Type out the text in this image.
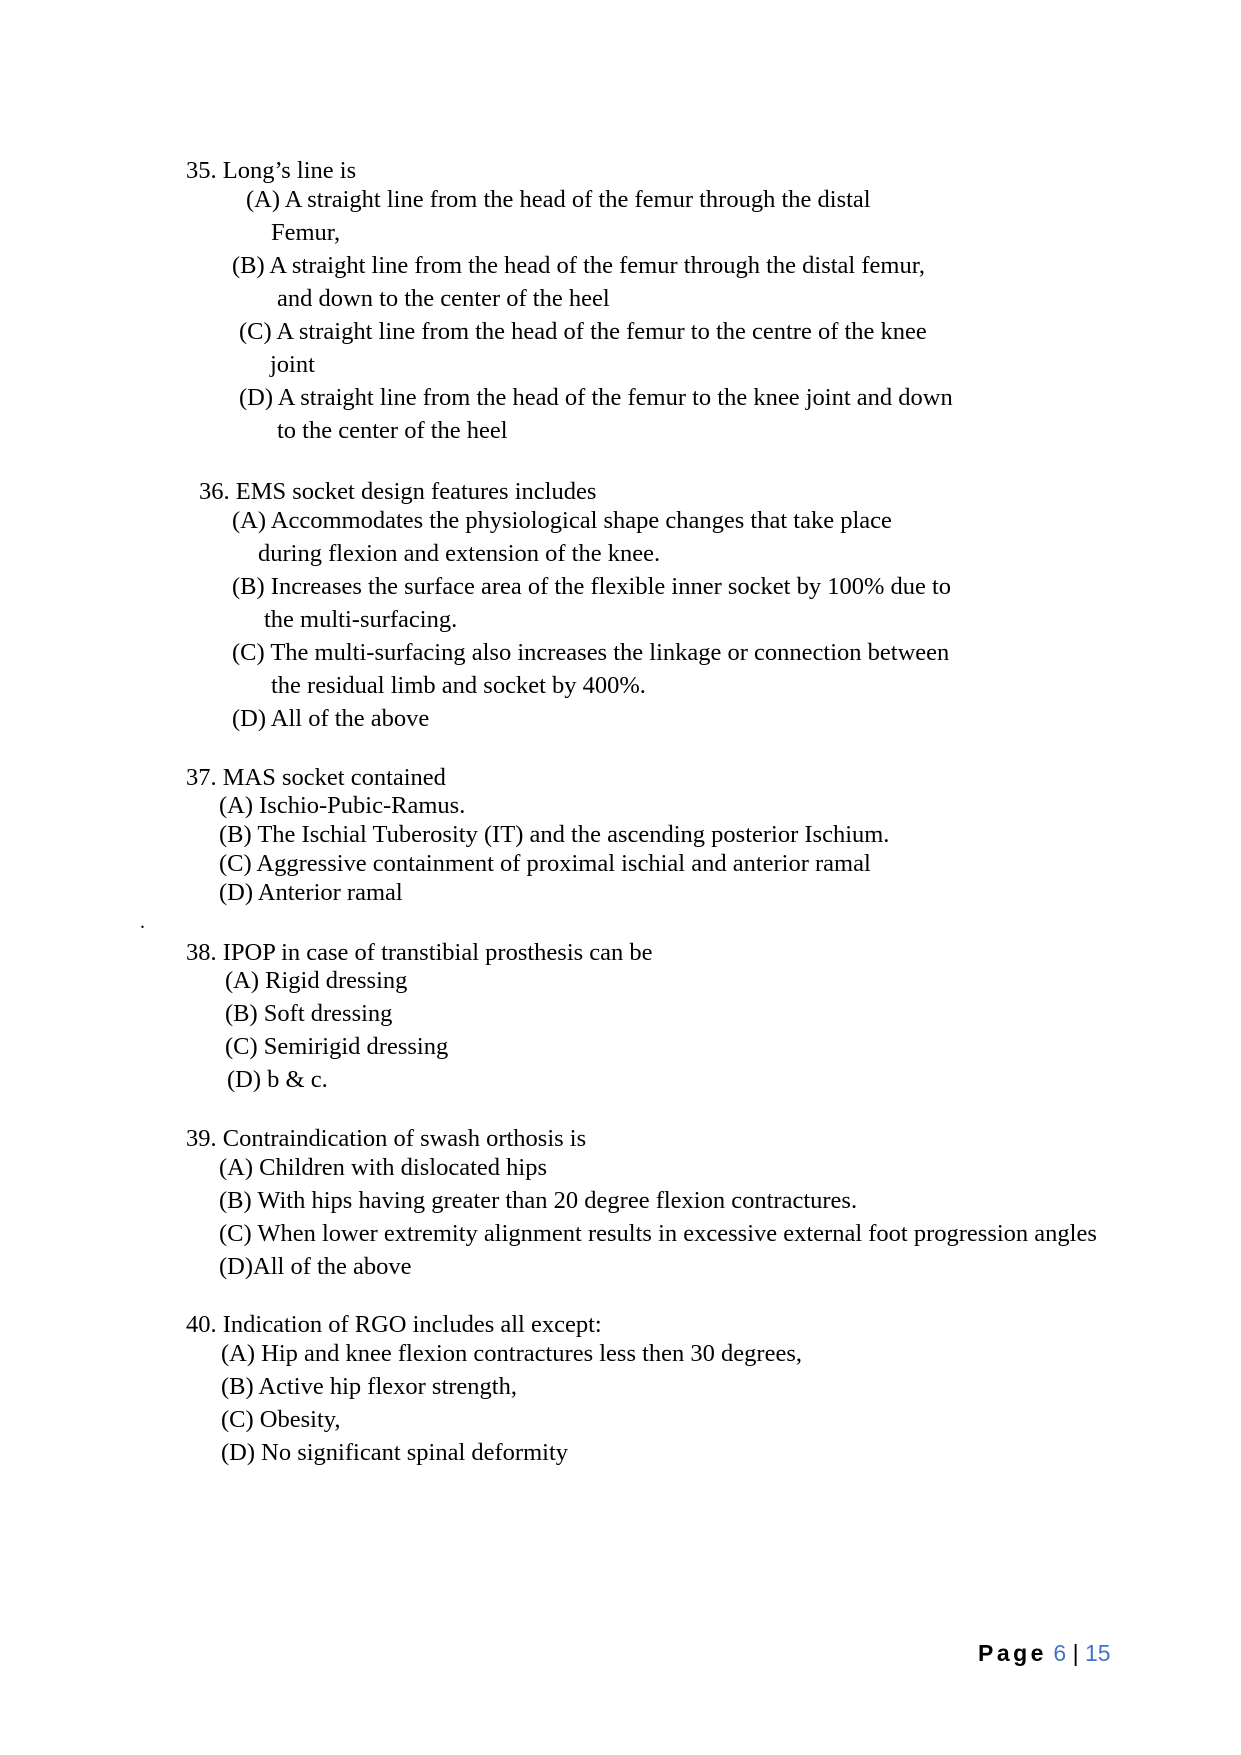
35. Long’s line is

(A) A straight line from the head of the femur through the distal

Femur,

(B) A straight line from the head of the femur through the distal femur,

and down to the center of the heel

(C) A straight line from the head of the femur to the centre of the knee

joint

(D) A straight line from the head of the femur to the knee joint and down

to the center of the heel

36. EMS socket design features includes

(A) Accommodates the physiological shape changes that take place

during flexion and extension of the knee.

(B) Increases the surface area of the flexible inner socket by 100% due to

the multi-surfacing.

(C) The multi-surfacing also increases the linkage or connection between

the residual limb and socket by 400%.

(D) All of the above

37. MAS socket contained

(A) Ischio-Pubic-Ramus.

(B) The Ischial Tuberosity (IT) and the ascending posterior Ischium.

(C) Aggressive containment of proximal ischial and anterior ramal

(D) Anterior ramal

.

38. IPOP in case of transtibial prosthesis can be

(A) Rigid dressing

(B) Soft dressing

(C) Semirigid dressing

(D) b & c.

39. Contraindication of swash orthosis is

(A) Children with dislocated hips

(B) With hips having greater than 20 degree flexion contractures.

(C) When lower extremity alignment results in excessive external foot progression angles

(D)All of the above

40. Indication of RGO includes all except:

(A) Hip and knee flexion contractures less then 30 degrees,

(B) Active hip flexor strength,

(C) Obesity,

(D) No significant spinal deformity

Page 6 | 15
